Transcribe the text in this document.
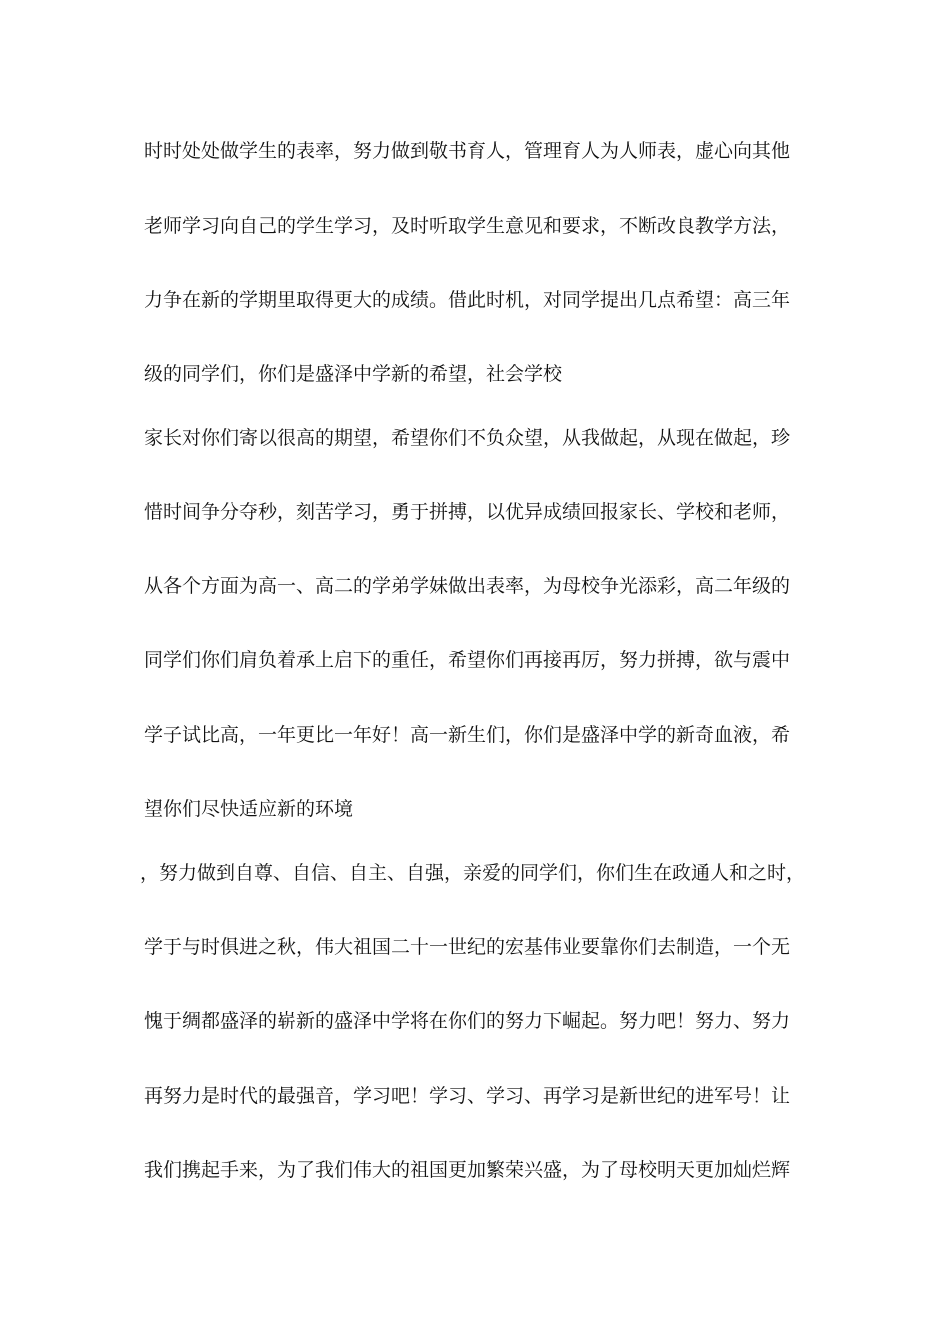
时时处处做学生的表率，努力做到敬书育人，管理育人为人师表，虚心向其他
老师学习向自己的学生学习，及时听取学生意见和要求，不断改良教学方法，
力争在新的学期里取得更大的成绩。借此时机，对同学提出几点希望：高三年
级的同学们，你们是盛泽中学新的希望，社会学校
家长对你们寄以很高的期望，希望你们不负众望，从我做起，从现在做起，珍
惜时间争分夺秒，刻苦学习，勇于拼搏，以优异成绩回报家长、学校和老师，
从各个方面为高一、高二的学弟学妹做出表率，为母校争光添彩，高二年级的
同学们你们肩负着承上启下的重任，希望你们再接再厉，努力拼搏，欲与震中
学子试比高，一年更比一年好！高一新生们，你们是盛泽中学的新奇血液，希
望你们尽快适应新的环境
，努力做到自尊、自信、自主、自强，亲爱的同学们，你们生在政通人和之时，
学于与时俱进之秋，伟大祖国二十一世纪的宏基伟业要靠你们去制造，一个无
愧于绸都盛泽的崭新的盛泽中学将在你们的努力下崛起。努力吧！努力、努力
再努力是时代的最强音，学习吧！学习、学习、再学习是新世纪的进军号！让
我们携起手来，为了我们伟大的祖国更加繁荣兴盛，为了母校明天更加灿烂辉
